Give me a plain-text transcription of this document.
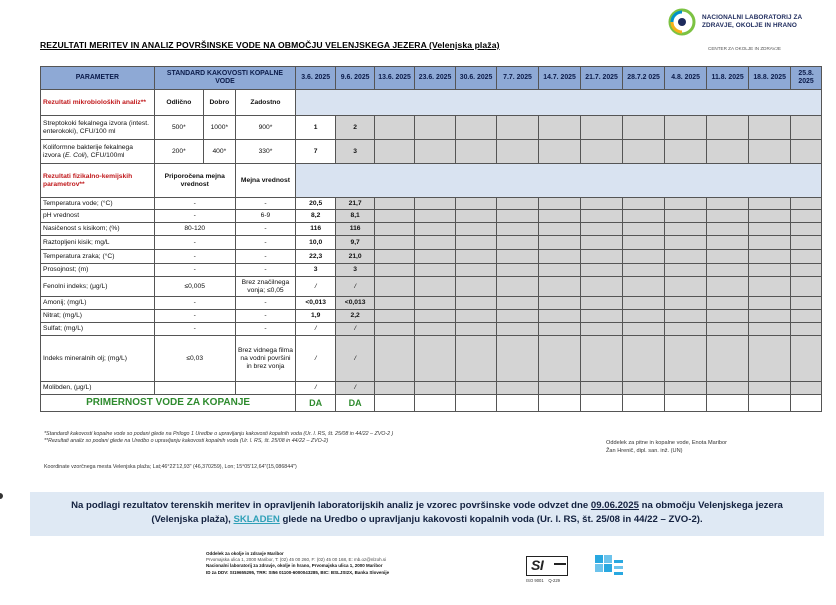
NACIONALNI LABORATORIJ ZA
ZDRAVJE, OKOLJE IN HRANO
CENTER ZA OKOLJE IN ZDRAVJE
REZULTATI MERITEV IN ANALIZ POVRŠINSKE VODE NA OBMOČJU VELENJSKEGA JEZERA (Velenjska plaža)
PARAMETER	STANDARD KAKOVOSTI KOPALNE VODE			3.6. 2025	9.6. 2025	13.6. 2025	23.6. 2025	30.6. 2025	7.7. 2025	14.7. 2025	21.7. 2025	28.7.2 025	4.8. 2025	11.8. 2025	18.8. 2025	25.8. 2025
Rezultati mikrobioloških analiz**	Odlično	Dobro	Zadostno													
Streptokoki fekalnega izvora (intest. enterokoki), CFU/100 ml	500*	1000*	900*	1	2											
Koliformne bakterije fekalnega izvora (E. Coli), CFU/100ml	200*	400*	330*	7	3											
Rezultati fizikalno-kemijskih parametrov**	Priporočena mejna vrednost		Mejna vrednost													
Temperatura vode; (°C)	-		-	20,5	21,7											
pH vrednost	-		6-9	8,2	8,1											
Nasičenost s kisikom; (%)	80-120		-	116	116											
Raztopljeni kisik; mg/L	-		-	10,0	9,7											
Temperatura zraka; (°C)	-		-	22,3	21,0											
Prosojnost; (m)	-		-	3	3											
Fenolni indeks; (μg/L)	≤0,005		Brez značilnega vonja; ≤0,05	/	/											
Amonij; (mg/L)	-		-	<0,013	<0,013											
Nitrat; (mg/L)	-		-	1,9	2,2											
Sulfat; (mg/L)	-		-	/	/											
Indeks mineralnih olj; (mg/L)	≤0,03		Brez vidnega filma na vodni površini in brez vonja	/	/											
Molibden, (μg/L)				/	/											
PRIMERNOST VODE ZA KOPANJE				DA	DA											
*Standardi kakovosti kopalne vode so podani glede na Prilogo 1 Uredbe o upravljanju kakovosti kopalnih voda (Ur. l. RS, št. 25/08 in 44/22 – ZVO-2 )
**Rezultati analiz so podani glede na Uredbo o upravljanju kakovosti kopalnih voda (Ur. l. RS, št. 25/08 in 44/22 – ZVO-2)
Koordinate vzorčnega mesta Velenjska plaža; Lat;46°22'12,93" (46,370259), Lon; 15°05'12,64"(15,086844")
Oddelek za pitne in kopalne vode, Enota Maribor
Žan Hrenič, dipl. san. inž. (UN)
Na podlagi rezultatov terenskih meritev in opravljenih laboratorijskih analiz je vzorec površinske vode odvzet dne 09.06.2025 na območju Velenjskega jezera (Velenjska plaža), SKLADEN glede na Uredbo o upravljanju kakovosti kopalnih voda (Ur. l. RS, št. 25/08 in 44/22 – ZVO-2).
Oddelek za okolje in zdravje Maribor
Prvomajska ulica 1, 2000 Maribor, T: (02) 45 00 260, F: (02) 45 00 168, E: mb.oz@nlzoh.si
Nacionalni laboratorij za zdravje, okolje in hrano, Prvomajska ulica 1, 2000 Maribor
ID za DDV: SI19655295, TRR: SI56 01100-6000043285, BIC: BSLJSI2X, Banka Slovenije	SI
ISO 9001 Q-229
